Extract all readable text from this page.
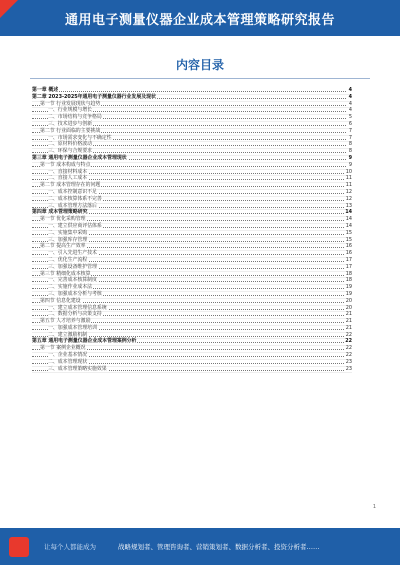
通用电子测量仪器企业成本管理策略研究报告
内容目录
第一章 概述	4
第二章 2023-2025年通用电子测量仪器行业发展及现状	4
第一节 行业发展现状与趋势	4
一、行业规模与增长	4
二、市场结构与竞争格局	5
三、技术进步与创新	6
第二节 行业面临的主要挑战	7
一、市场需求变化与不确定性	7
二、原材料价格波动	8
三、环保与合规要求	8
第三章 通用电子测量仪器企业成本管理现状	9
第一节 成本构成与特点	9
一、直接材料成本	10
二、直接人工成本	11
第二节 成本管理存在的问题	11
一、成本控制意识不足	12
二、成本核算体系不完善	12
三、成本管理方法落后	13
第四章 成本管理策略研究	14
第一节 优化采购管理	14
一、建立供应商评估体系	14
二、实施集中采购	15
三、加强库存管理	15
第二节 提高生产效率	16
一、引入先进生产技术	16
二、优化生产流程	17
三、加强设备维护管理	17
第三节 精细化成本核算	18
一、完善成本核算制度	18
二、实施作业成本法	19
三、加强成本分析与考核	19
第四节 信息化建设	20
一、建立成本管理信息系统	20
二、数据分析与决策支持	21
第五节 人才培养与激励	21
一、加强成本管理培训	21
二、建立激励机制	22
第五章 通用电子测量仪器企业成本管理案例分析	22
第一节 案例企业概况	22
一、企业基本情况	22
二、成本管理现状	23
三、成本管理策略实施效果	23
1
让每个人都能成为	战略规划者、管理咨询者、营销策划者、数据分析者、投资分析者……
